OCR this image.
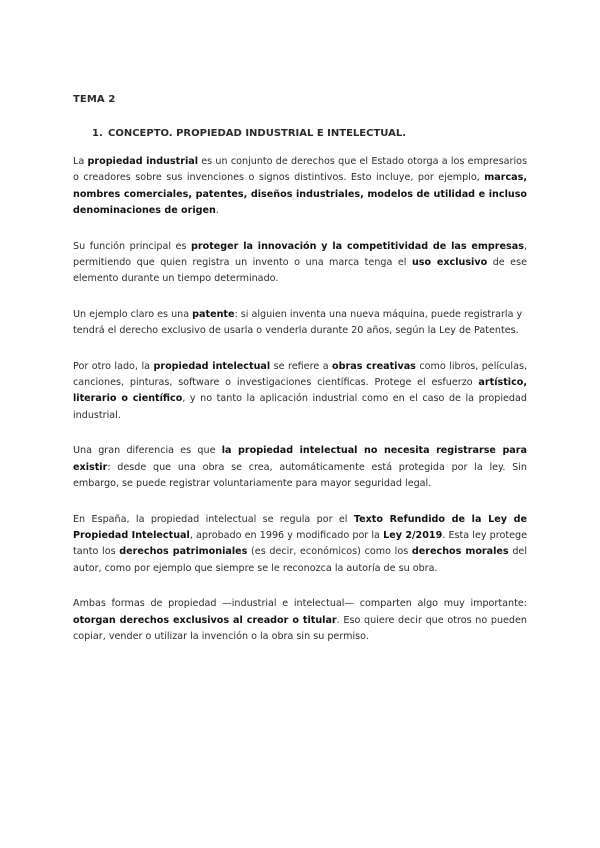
TEMA 2
1. CONCEPTO. PROPIEDAD INDUSTRIAL E INTELECTUAL.

La propiedad industrial es un conjunto de derechos que el Estado otorga a los empresarios o creadores sobre sus invenciones o signos distintivos. Esto incluye, por ejemplo, marcas, nombres comerciales, patentes, diseños industriales, modelos de utilidad e incluso denominaciones de origen.

Su función principal es proteger la innovación y la competitividad de las empresas, permitiendo que quien registra un invento o una marca tenga el uso exclusivo de ese elemento durante un tiempo determinado.

Un ejemplo claro es una patente: si alguien inventa una nueva máquina, puede registrarla y tendrá el derecho exclusivo de usarla o venderla durante 20 años, según la Ley de Patentes.

Por otro lado, la propiedad intelectual se refiere a obras creativas como libros, películas, canciones, pinturas, software o investigaciones científicas. Protege el esfuerzo artístico, literario o científico, y no tanto la aplicación industrial como en el caso de la propiedad industrial.

Una gran diferencia es que la propiedad intelectual no necesita registrarse para existir: desde que una obra se crea, automáticamente está protegida por la ley. Sin embargo, se puede registrar voluntariamente para mayor seguridad legal.

En España, la propiedad intelectual se regula por el Texto Refundido de la Ley de Propiedad Intelectual, aprobado en 1996 y modificado por la Ley 2/2019. Esta ley protege tanto los derechos patrimoniales (es decir, económicos) como los derechos morales del autor, como por ejemplo que siempre se le reconozca la autoría de su obra.

Ambas formas de propiedad —industrial e intelectual— comparten algo muy importante: otorgan derechos exclusivos al creador o titular. Eso quiere decir que otros no pueden copiar, vender o utilizar la invención o la obra sin su permiso.
